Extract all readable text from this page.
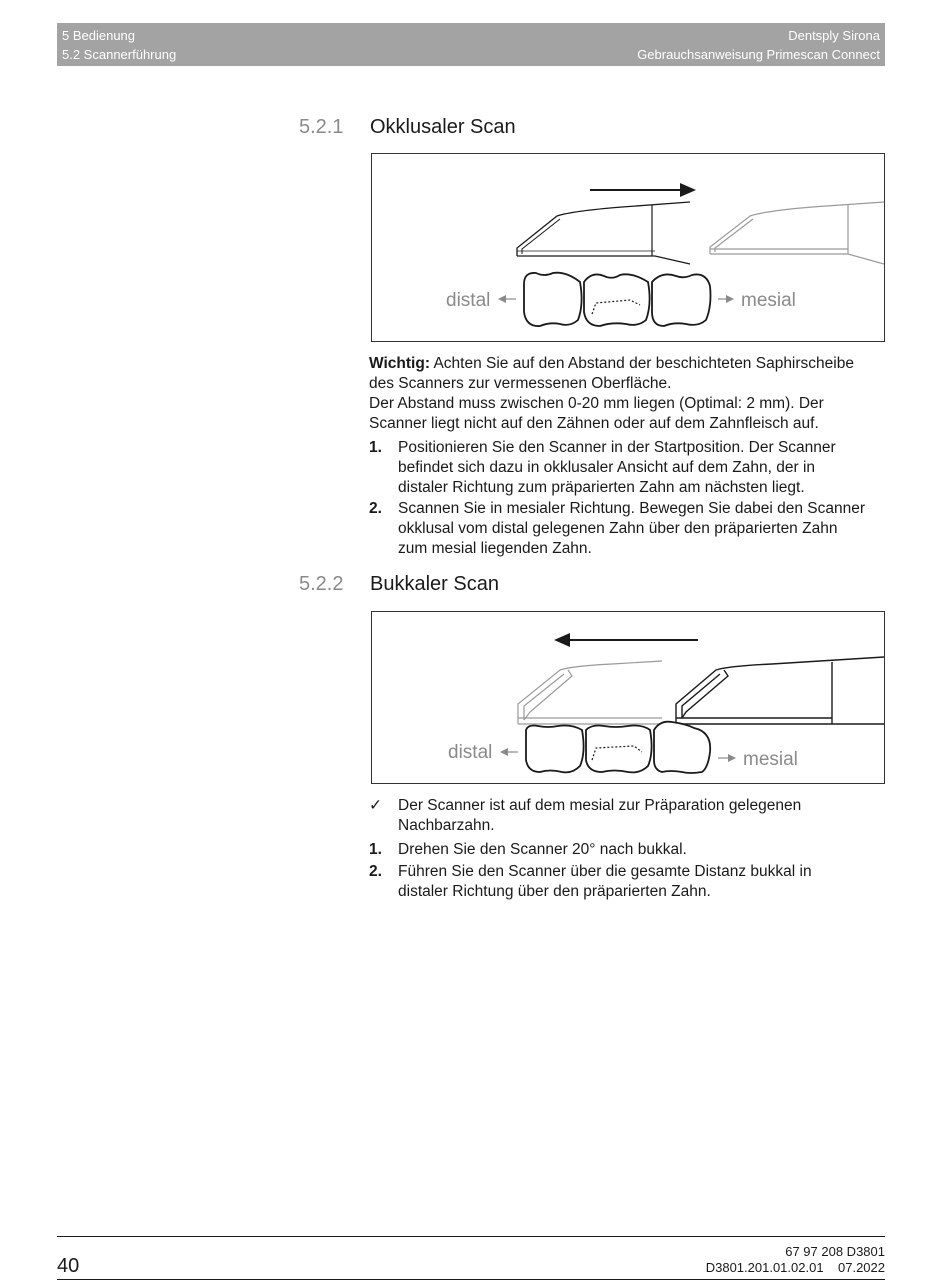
5 Bedienung
5.2 Scannerführung
Dentsply Sirona
Gebrauchsanweisung Primescan Connect
5.2.1 Okklusaler Scan
distal	mesial
Wichtig: Achten Sie auf den Abstand der beschichteten Saphirscheibe
des Scanners zur vermessenen Oberfläche.
Der Abstand muss zwischen 0-20 mm liegen (Optimal: 2 mm). Der
Scanner liegt nicht auf den Zähnen oder auf dem Zahnfleisch auf.
1. Positionieren Sie den Scanner in der Startposition. Der Scanner
befindet sich dazu in okklusaler Ansicht auf dem Zahn, der in
distaler Richtung zum präparierten Zahn am nächsten liegt.
2. Scannen Sie in mesialer Richtung. Bewegen Sie dabei den Scanner
okklusal vom distal gelegenen Zahn über den präparierten Zahn
zum mesial liegenden Zahn.
5.2.2 Bukkaler Scan
distal	mesial
✓ Der Scanner ist auf dem mesial zur Präparation gelegenen
Nachbarzahn.
1. Drehen Sie den Scanner 20° nach bukkal.
2. Führen Sie den Scanner über die gesamte Distanz bukkal in
distaler Richtung über den präparierten Zahn.
40
67 97 208 D3801
D3801.201.01.02.01 07.2022
